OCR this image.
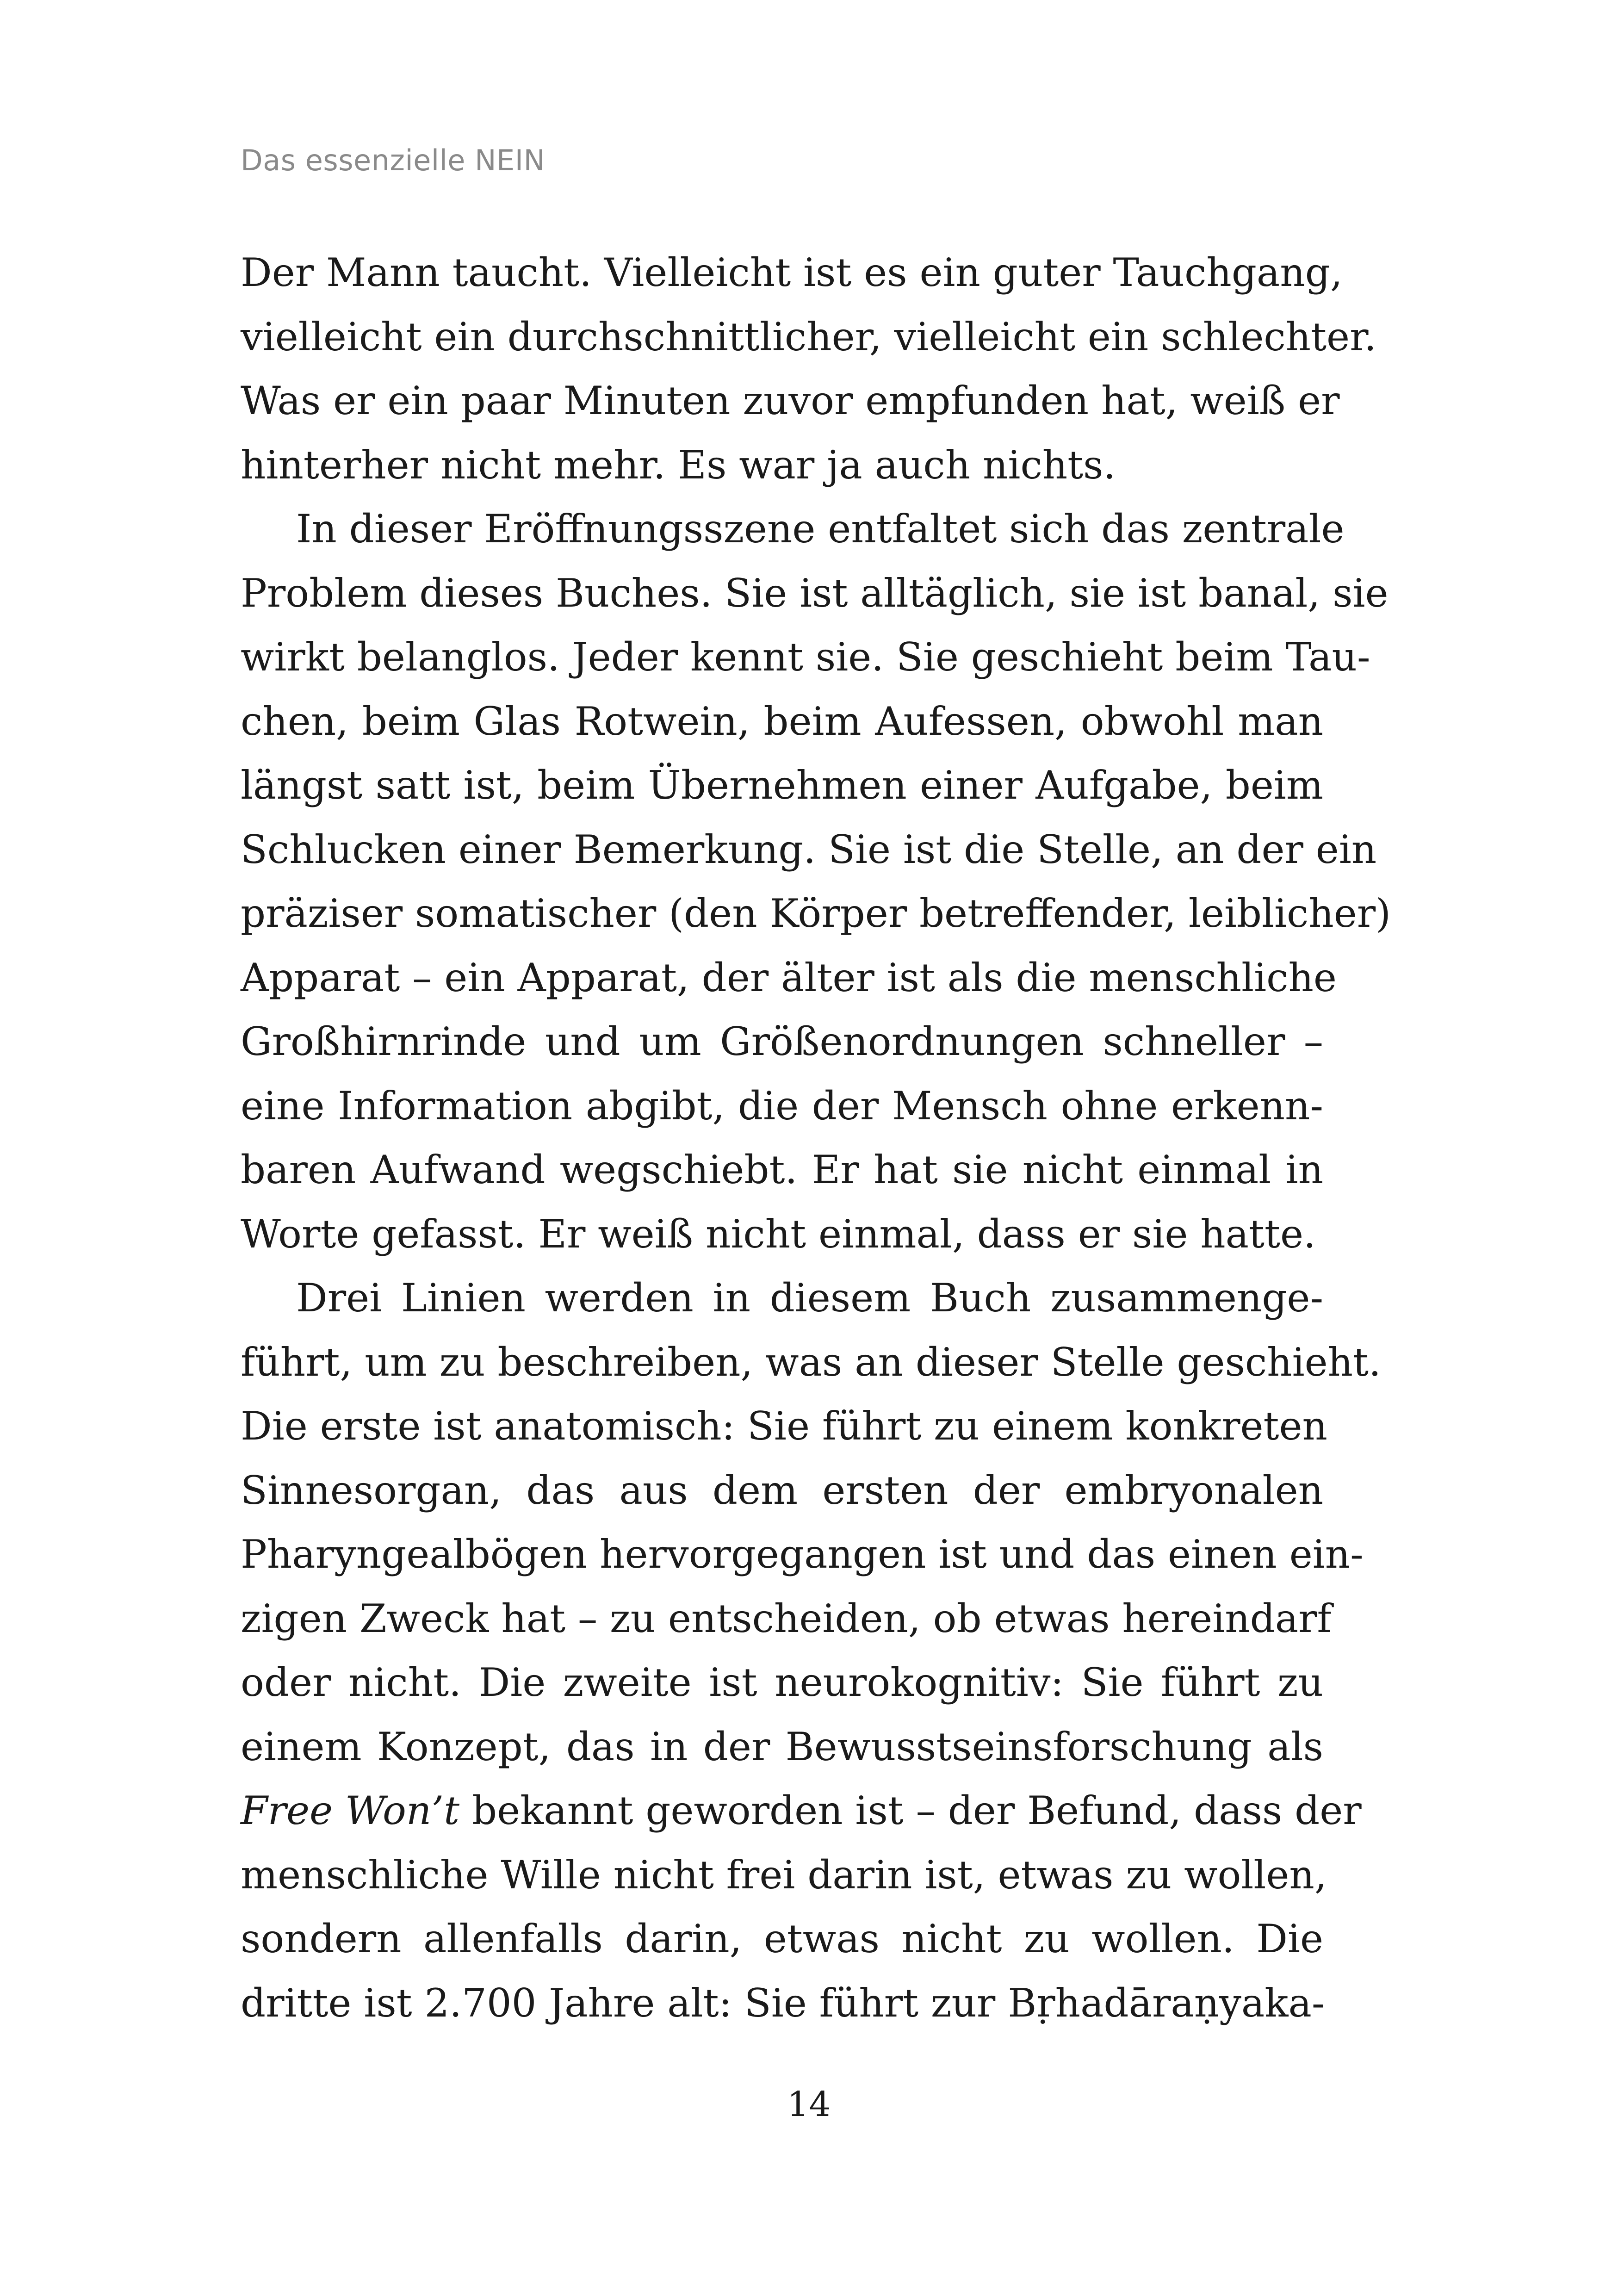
Das essenzielle NEIN
Der Mann taucht. Vielleicht ist es ein guter Tauchgang,
vielleicht ein durchschnittlicher, vielleicht ein schlechter.
Was er ein paar Minuten zuvor empfunden hat, weiß er
hinterher nicht mehr. Es war ja auch nichts.
In dieser Eröffnungsszene entfaltet sich das zentrale
Problem dieses Buches. Sie ist alltäglich, sie ist banal, sie
wirkt belanglos. Jeder kennt sie. Sie geschieht beim Tau-
chen, beim Glas Rotwein, beim Aufessen, obwohl man
längst satt ist, beim Übernehmen einer Aufgabe, beim
Schlucken einer Bemerkung. Sie ist die Stelle, an der ein
präziser somatischer (den Körper betreffender, leiblicher)
Apparat – ein Apparat, der älter ist als die menschliche
Großhirnrinde und um Größenordnungen schneller –
eine Information abgibt, die der Mensch ohne erkenn-
baren Aufwand wegschiebt. Er hat sie nicht einmal in
Worte gefasst. Er weiß nicht einmal, dass er sie hatte.
Drei Linien werden in diesem Buch zusammenge-
führt, um zu beschreiben, was an dieser Stelle geschieht.
Die erste ist anatomisch: Sie führt zu einem konkreten
Sinnesorgan, das aus dem ersten der embryonalen
Pharyngealbögen hervorgegangen ist und das einen ein-
zigen Zweck hat – zu entscheiden, ob etwas hereindarf
oder nicht. Die zweite ist neurokognitiv: Sie führt zu
einem Konzept, das in der Bewusstseinsforschung als
Free Won’t bekannt geworden ist – der Befund, dass der
menschliche Wille nicht frei darin ist, etwas zu wollen,
sondern allenfalls darin, etwas nicht zu wollen. Die
dritte ist 2.700 Jahre alt: Sie führt zur Bṛhadāraṇyaka-
14
